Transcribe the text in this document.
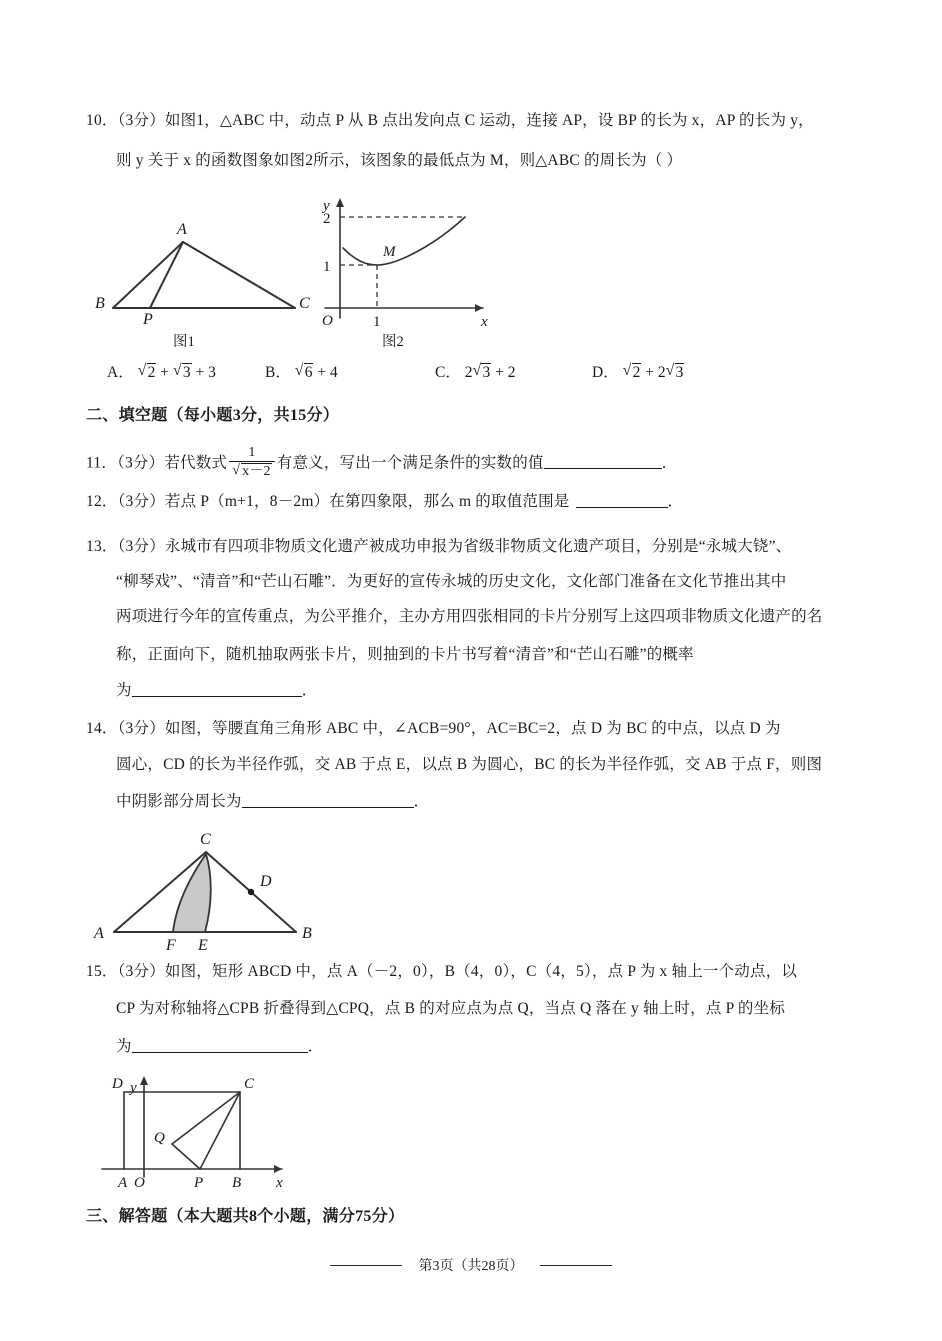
10．（3分）如图1，△ABC 中，动点 P 从 B 点出发向点 C 运动，连接 AP，设 BP 的长为 x，AP 的长为 y，
则 y 关于 x 的函数图象如图2所示，该图象的最低点为 M，则△ABC 的周长为（ ）
B
A
C
P
y
x
O
2
1
1
M
图1	图2
A． √ 2 + √ 3 + 3	B． √ 6 + 4	C． 2 √ 3 + 2	D． √ 2 + 2 √ 3
二、填空题（每小题3分，共15分）
11．（3分）若代数式 1
√ x－2 有意义，写出一个满足条件的实数的值	．
12．（3分）若点 P（m+1，8－2m）在第四象限，那么 m 的取值范围是	．
13．（3分）永城市有四项非物质文化遗产被成功申报为省级非物质文化遗产项目，分别是“永城大铙”、
“柳琴戏”、“清音”和“芒山石雕”．为更好的宣传永城的历史文化，文化部门准备在文化节推出其中
两项进行今年的宣传重点，为公平推介，主办方用四张相同的卡片分别写上这四项非物质文化遗产的名
称，正面向下，随机抽取两张卡片，则抽到的卡片书写着“清音”和“芒山石雕”的概率
为	．
14．（3分）如图，等腰直角三角形 ABC 中，∠ACB=90°，AC=BC=2，点 D 为 BC 的中点，以点 D 为
圆心，CD 的长为半径作弧，交 AB 于点 E，以点 B 为圆心，BC 的长为半径作弧，交 AB 于点 F，则图
中阴影部分周长为	．
A	B
C
D
E
F
15．（3分）如图，矩形 ABCD 中，点 A（－2，0），B（4，0），C（4，5），点 P 为 x 轴上一个动点，以
CP 为对称轴将△CPB 折叠得到△CPQ，点 B 的对应点为点 Q，当点 Q 落在 y 轴上时，点 P 的坐标
为	．
D	C
y
A O	P B x
Q
三、解答题（本大题共8个小题，满分75分）
第3页（共28页）
